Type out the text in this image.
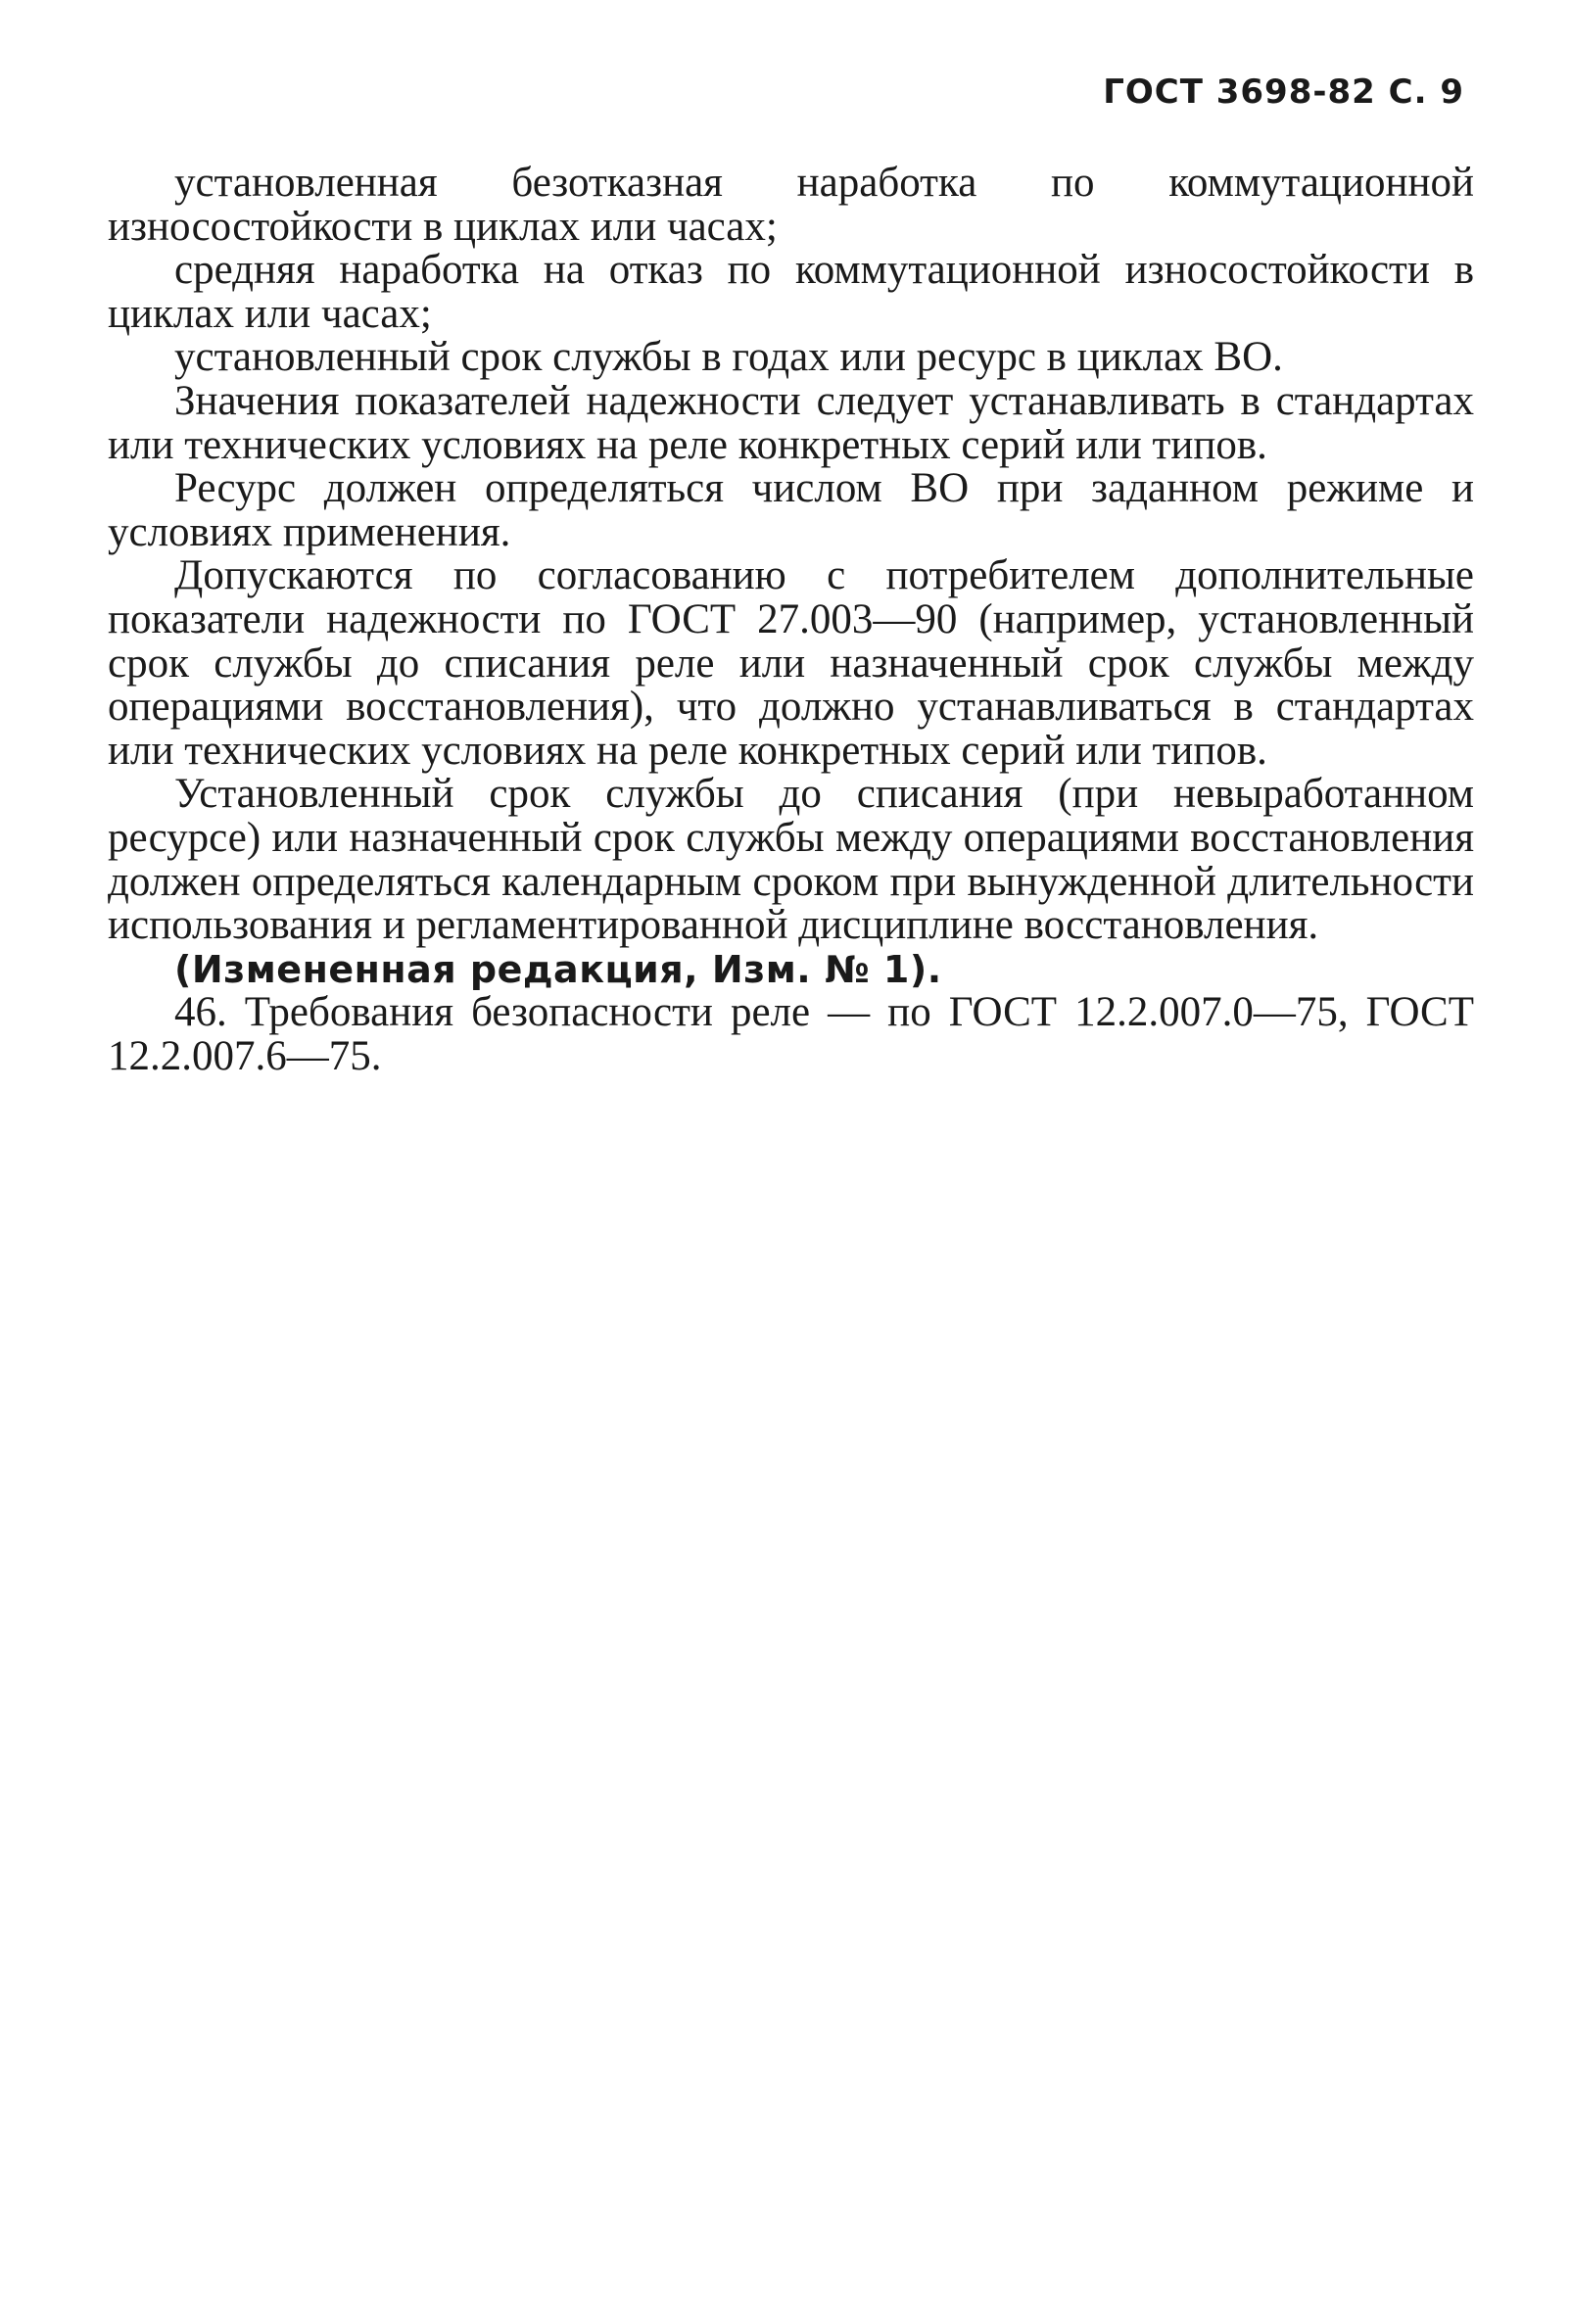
ГОСТ 3698-82 С. 9

установленная безотказная наработка по коммутационной износостойкости в циклах или часах;

средняя наработка на отказ по коммутационной износостойкости в циклах или часах;

установленный срок службы в годах или ресурс в циклах ВО.

Значения показателей надежности следует устанавливать в стандартах или технических условиях на реле конкретных серий или типов.

Ресурс должен определяться числом ВО при заданном режиме и условиях применения.

Допускаются по согласованию с потребителем дополнительные показатели надежности по ГОСТ 27.003—90 (например, установленный срок службы до списания реле или назначенный срок службы между операциями восстановления), что должно устанавливаться в стандартах или технических условиях на реле конкретных серий или типов.

Установленный срок службы до списания (при невыработанном ресурсе) или назначенный срок службы между операциями восстановления должен определяться календарным сроком при вынужденной длительности использования и регламентированной дисциплине восстановления.

(Измененная редакция, Изм. № 1).

46. Требования безопасности реле — по ГОСТ 12.2.007.0—75, ГОСТ 12.2.007.6—75.
